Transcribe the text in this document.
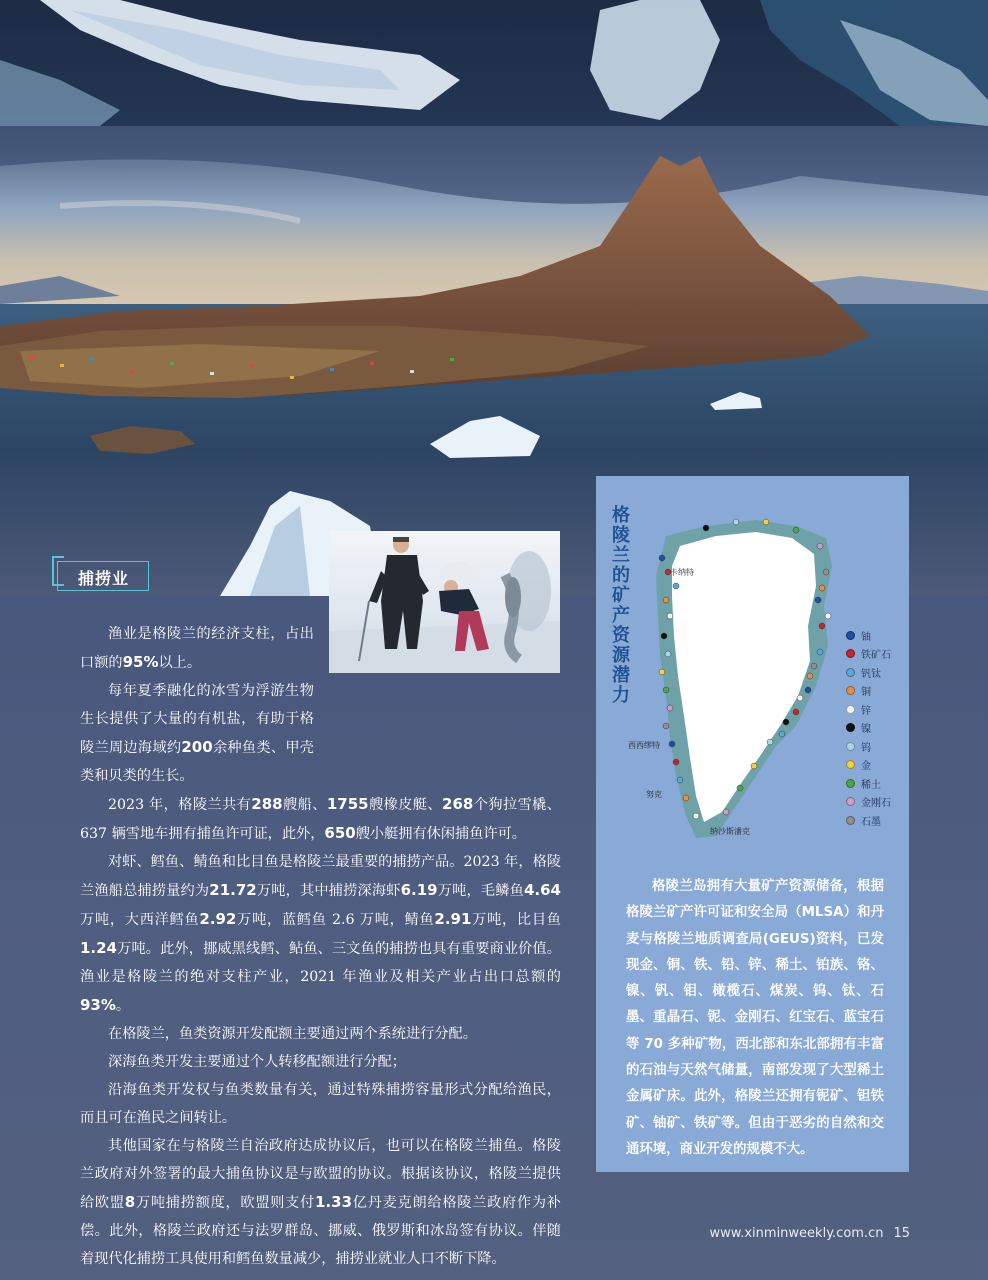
捕捞业

渔业是格陵兰的经济支柱，占出口额的95%以上。

每年夏季融化的冰雪为浮游生物生长提供了大量的有机盐，有助于格陵兰周边海域约200余种鱼类、甲壳类和贝类的生长。

2023 年，格陵兰共有288艘船、1755艘橡皮艇、268个狗拉雪橇、637 辆雪地车拥有捕鱼许可证，此外，650艘小艇拥有休闲捕鱼许可。

对虾、鳕鱼、鲭鱼和比目鱼是格陵兰最重要的捕捞产品。2023 年，格陵兰渔船总捕捞量约为21.72万吨，其中捕捞深海虾6.19万吨，毛鳞鱼4.64万吨，大西洋鳕鱼2.92万吨，蓝鳕鱼 2.6 万吨，鲭鱼2.91万吨，比目鱼1.24万吨。此外，挪威黑线鳕、鲇鱼、三文鱼的捕捞也具有重要商业价值。渔业是格陵兰的绝对支柱产业，2021 年渔业及相关产业占出口总额的93%。

在格陵兰，鱼类资源开发配额主要通过两个系统进行分配。

深海鱼类开发主要通过个人转移配额进行分配；

沿海鱼类开发权与鱼类数量有关，通过特殊捕捞容量形式分配给渔民，而且可在渔民之间转让。

其他国家在与格陵兰自治政府达成协议后，也可以在格陵兰捕鱼。格陵兰政府对外签署的最大捕鱼协议是与欧盟的协议。根据该协议，格陵兰提供给欧盟8万吨捕捞额度，欧盟则支付1.33亿丹麦克朗给格陵兰政府作为补偿。此外，格陵兰政府还与法罗群岛、挪威、俄罗斯和冰岛签有协议。伴随着现代化捕捞工具使用和鳕鱼数量减少，捕捞业就业人口不断下降。

格陵兰的矿产资源潜力
卡纳特
西西缪特
努克
纳沙斯潘克
铀
铁矿石
钒钛
铜
锌
镍
钨
金
稀土
金刚石
石墨
格陵兰岛拥有大量矿产资源储备，根据格陵兰矿产许可证和安全局（MLSA）和丹麦与格陵兰地质调查局(GEUS)资料，已发现金、铜、铁、铅、锌、稀土、铂族、铬、镍、钒、钼、橄榄石、煤炭、钨、钛、石墨、重晶石、铌、金刚石、红宝石、蓝宝石等 70 多种矿物，西北部和东北部拥有丰富的石油与天然气储量，南部发现了大型稀土金属矿床。此外，格陵兰还拥有铌矿、钽铁矿、铀矿、铁矿等。但由于恶劣的自然和交通环境，商业开发的规模不大。
www.xinminweekly.com.cn 15
